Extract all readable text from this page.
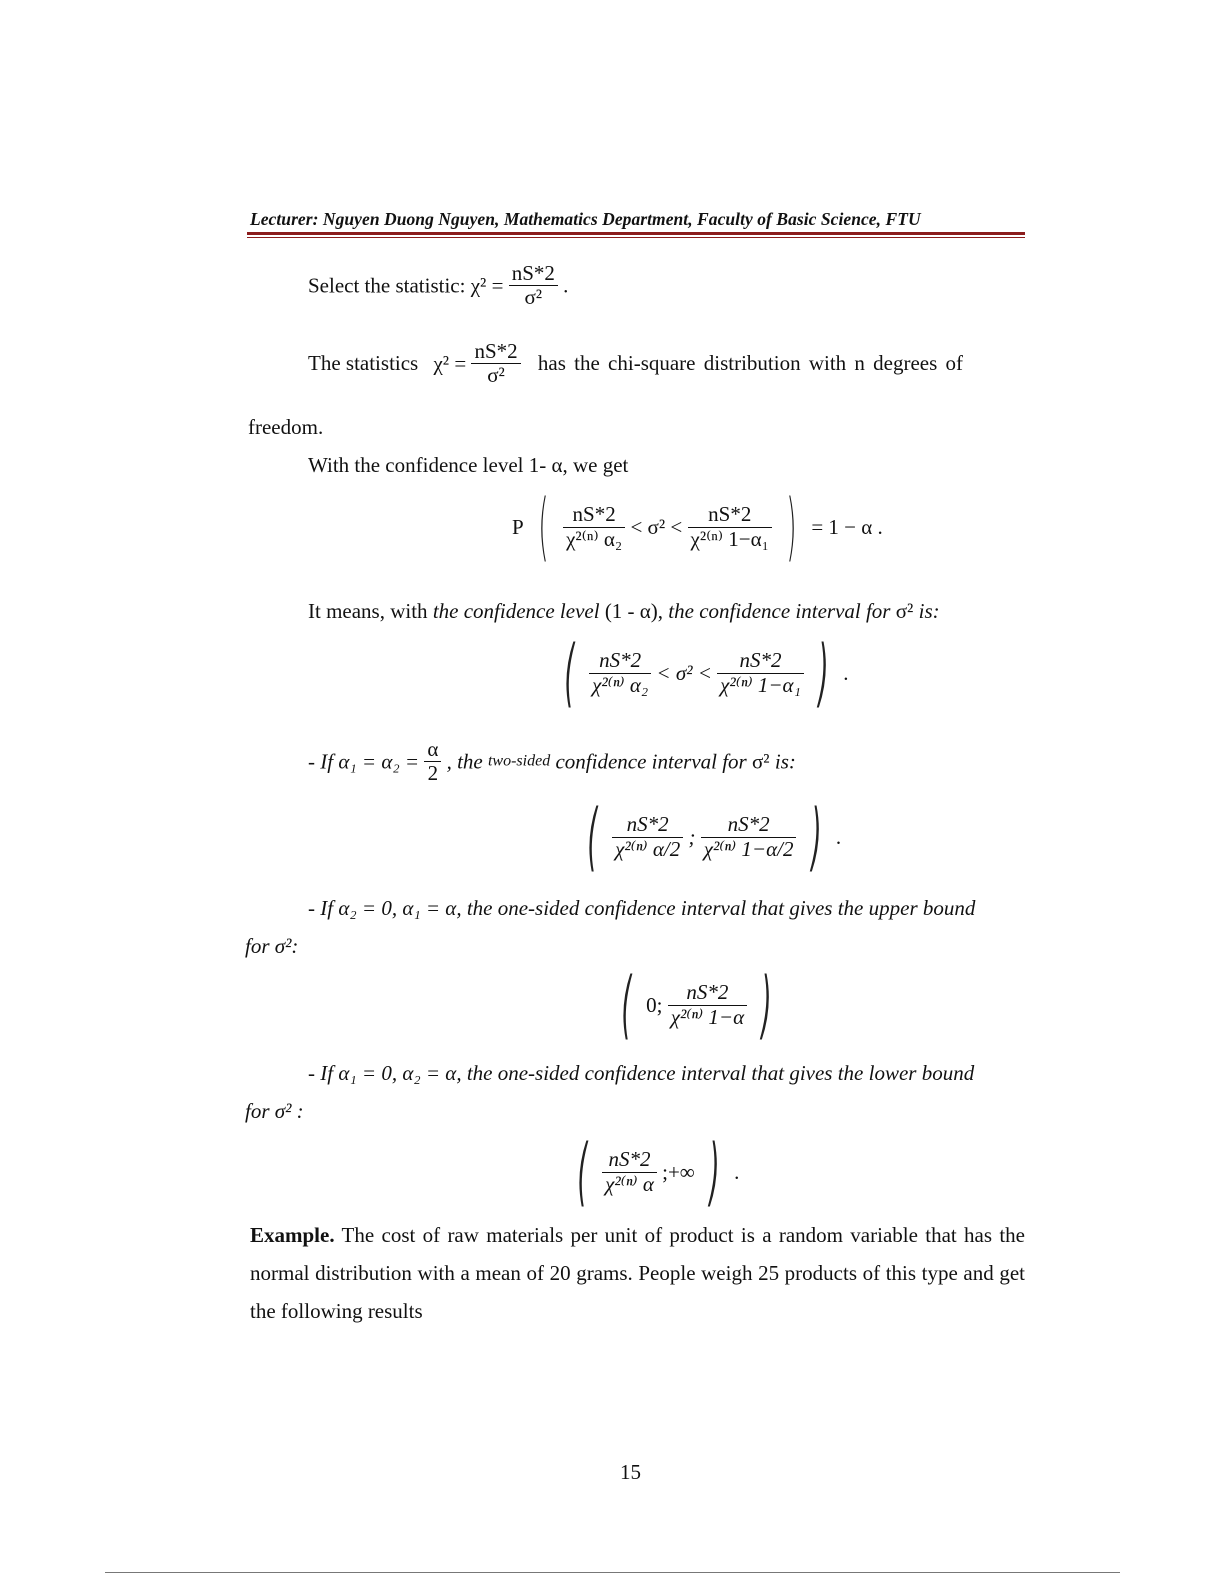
Lecturer: Nguyen Duong Nguyen, Mathematics Department, Faculty of Basic Science, FTU
Select the statistic: $\chi^2 = \frac{nS*2}{\text{σ²}}$ .
The statistics $\chi^2 = \frac{nS*2}{\text{σ²}}$ has the chi-square distribution with n degrees of
freedom.
With the confidence level 1- α, we get
P ( $\frac{nS*2}{\text{χ²⁽ⁿ⁾ α₂}} < \sigma^2 < \frac{nS*2}{\text{χ²⁽ⁿ⁾ 1−α₁}}$ ) = 1 − α .
It means, with the confidence level (1 - α), the confidence interval for σ² is:
( $\frac{nS*2}{\text{χ²⁽ⁿ⁾ α₂}} < \sigma^2 < \frac{nS*2}{\text{χ²⁽ⁿ⁾ 1−α₁}}$ ) .
- If $\alpha_1 = \alpha_2 = \frac{\alpha}{2}$ , the two-sided confidence interval for σ² is:
( $\frac{nS*2}{\text{χ²⁽ⁿ⁾ α/2}}$ ; $\frac{nS*2}{\text{χ²⁽ⁿ⁾ 1−α/2}}$ ) .
- If α₂ = 0, α₁ = α, the one-sided confidence interval that gives the upper bound
for σ²:
( 0; $\frac{nS*2}{\text{χ²⁽ⁿ⁾ 1−α}}$ )
- If α₁ = 0, α₂ = α, the one-sided confidence interval that gives the lower bound
for σ² :
( $\frac{nS*2}{\text{χ²⁽ⁿ⁾ α}}$ ;+∞ ) .
Example. The cost of raw materials per unit of product is a random variable that has the normal distribution with a mean of 20 grams. People weigh 25 products of this type and get the following results
15
